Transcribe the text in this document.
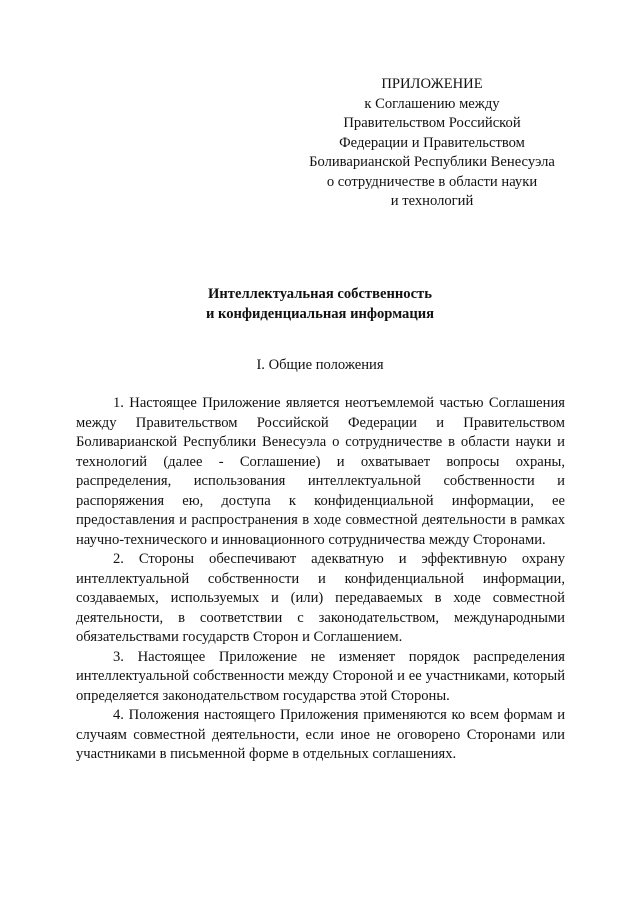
ПРИЛОЖЕНИЕ
к Соглашению между
Правительством Российской
Федерации и Правительством
Боливарианской Республики Венесуэла
о сотрудничестве в области науки
и технологий
Интеллектуальная собственность
и конфиденциальная информация
I. Общие положения

1. Настоящее Приложение является неотъемлемой частью Соглашения между Правительством Российской Федерации и Правительством Боливарианской Республики Венесуэла о сотрудничестве в области науки и технологий (далее - Соглашение) и охватывает вопросы охраны, распределения, использования интеллектуальной собственности и распоряжения ею, доступа к конфиденциальной информации, ее предоставления и распространения в ходе совместной деятельности в рамках научно-технического и инновационного сотрудничества между Сторонами.

2. Стороны обеспечивают адекватную и эффективную охрану интеллектуальной собственности и конфиденциальной информации, создаваемых, используемых и (или) передаваемых в ходе совместной деятельности, в соответствии с законодательством, международными обязательствами государств Сторон и Соглашением.

3. Настоящее Приложение не изменяет порядок распределения интеллектуальной собственности между Стороной и ее участниками, который определяется законодательством государства этой Стороны.

4. Положения настоящего Приложения применяются ко всем формам и случаям совместной деятельности, если иное не оговорено Сторонами или участниками в письменной форме в отдельных соглашениях.
